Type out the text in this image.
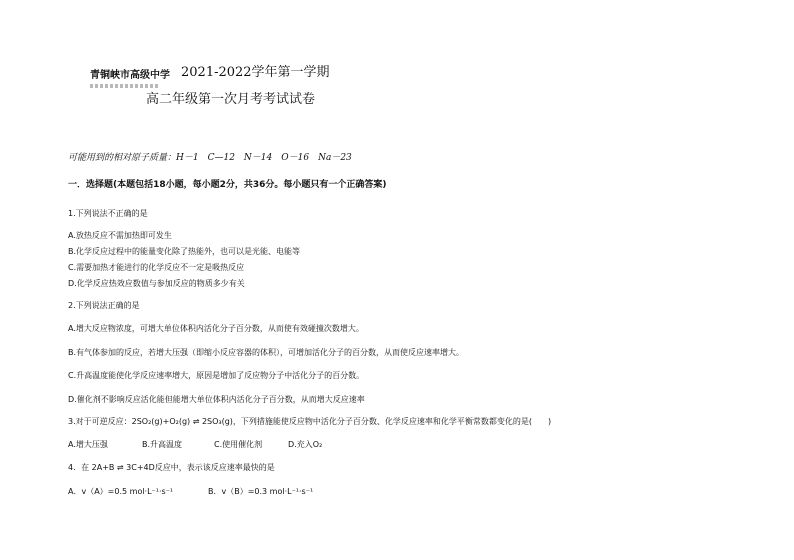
青铜峡市高级中学 2021-2022学年第一学期
高二年级第一次月考考试试卷
可能用到的相对原子质量：H－1　C—12　N－14　O－16　Na－23
一．选择题(本题包括18小题，每小题2分，共36分。每小题只有一个正确答案)
1.下列说法不正确的是
A.放热反应不需加热即可发生
B.化学反应过程中的能量变化除了热能外，也可以是光能、电能等
C.需要加热才能进行的化学反应不一定是吸热反应
D.化学反应热效应数值与参加反应的物质多少有关
2.下列说法正确的是
A.增大反应物浓度，可增大单位体积内活化分子百分数，从而使有效碰撞次数增大。
B.有气体参加的反应，若增大压强（即缩小反应容器的体积），可增加活化分子的百分数，从而使反应速率增大。
C.升高温度能使化学反应速率增大，原因是增加了反应物分子中活化分子的百分数。
D.催化剂不影响反应活化能但能增大单位体积内活化分子百分数，从而增大反应速率
3.对于可逆反应：2SO₂(g)+O₂(g) ⇌ 2SO₃(g)，下列措施能使反应物中活化分子百分数、化学反应速率和化学平衡常数都变化的是(　　)
A.增大压强	B.升高温度	C.使用催化剂	D.充入O₂
4．在 2A+B ⇌ 3C+4D反应中，表示该反应速率最快的是
A．v（A）=0.5 mol·L⁻¹·s⁻¹	B．v（B）=0.3 mol·L⁻¹·s⁻¹
